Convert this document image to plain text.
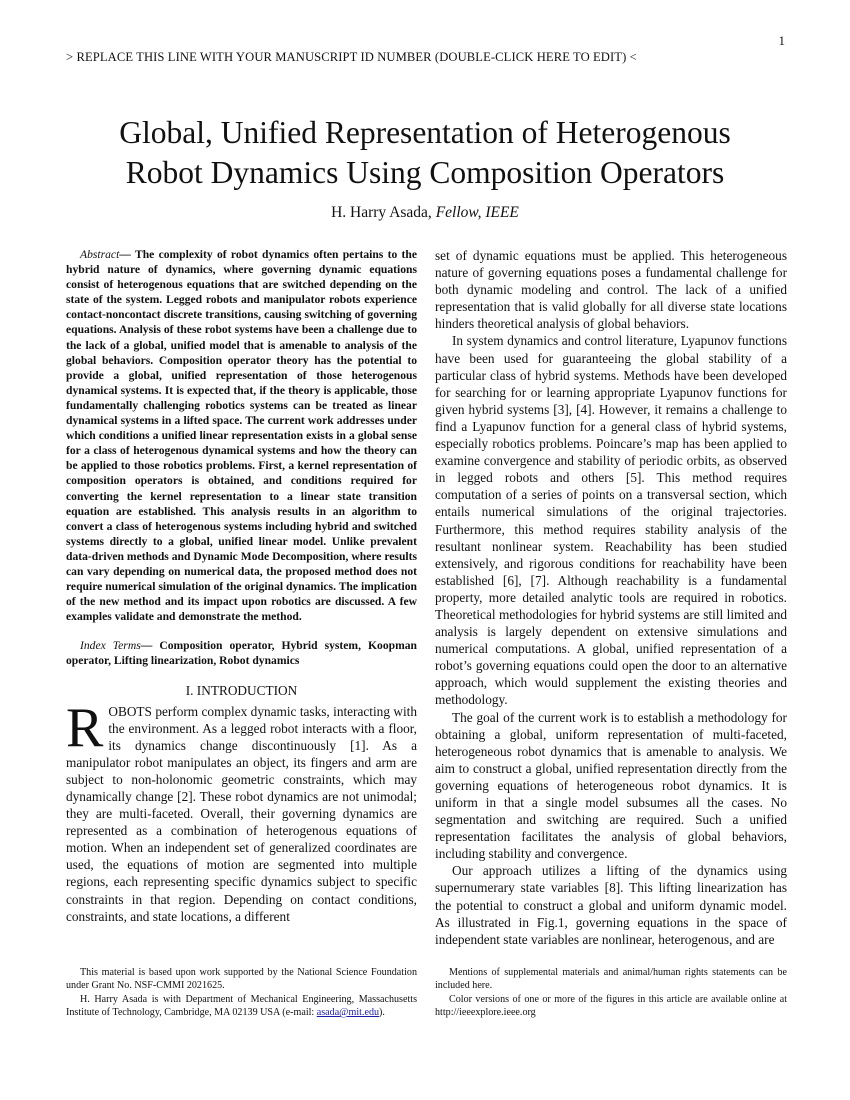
1
> REPLACE THIS LINE WITH YOUR MANUSCRIPT ID NUMBER (DOUBLE-CLICK HERE TO EDIT) <
Global, Unified Representation of Heterogenous
Robot Dynamics Using Composition Operators
H. Harry Asada, Fellow, IEEE

Abstract— The complexity of robot dynamics often pertains to the hybrid nature of dynamics, where governing dynamic equations consist of heterogenous equations that are switched depending on the state of the system. Legged robots and manipulator robots experience contact-noncontact discrete transitions, causing switching of governing equations. Analysis of these robot systems have been a challenge due to the lack of a global, unified model that is amenable to analysis of the global behaviors. Composition operator theory has the potential to provide a global, unified representation of those heterogenous dynamical systems. It is expected that, if the theory is applicable, those fundamentally challenging robotics systems can be treated as linear dynamical systems in a lifted space. The current work addresses under which conditions a unified linear representation exists in a global sense for a class of heterogenous dynamical systems and how the theory can be applied to those robotics problems. First, a kernel representation of composition operators is obtained, and conditions required for converting the kernel representation to a linear state transition equation are established. This analysis results in an algorithm to convert a class of heterogenous systems including hybrid and switched systems directly to a global, unified linear model. Unlike prevalent data-driven methods and Dynamic Mode Decomposition, where results can vary depending on numerical data, the proposed method does not require numerical simulation of the original dynamics. The implication of the new method and its impact upon robotics are discussed. A few examples validate and demonstrate the method.

Index Terms— Composition operator, Hybrid system, Koopman operator, Lifting linearization, Robot dynamics

I. INTRODUCTION

ROBOTS perform complex dynamic tasks, interacting with the environment. As a legged robot interacts with a floor, its dynamics change discontinuously [1]. As a manipulator robot manipulates an object, its fingers and arm are subject to non-holonomic geometric constraints, which may dynamically change [2]. These robot dynamics are not unimodal; they are multi-faceted. Overall, their governing dynamics are represented as a combination of heterogenous equations of motion. When an independent set of generalized coordinates are used, the equations of motion are segmented into multiple regions, each representing specific dynamics subject to specific constraints in that region. Depending on contact conditions, constraints, and state locations, a different

set of dynamic equations must be applied. This heterogeneous nature of governing equations poses a fundamental challenge for both dynamic modeling and control. The lack of a unified representation that is valid globally for all diverse state locations hinders theoretical analysis of global behaviors.

In system dynamics and control literature, Lyapunov functions have been used for guaranteeing the global stability of a particular class of hybrid systems. Methods have been developed for searching for or learning appropriate Lyapunov functions for given hybrid systems [3], [4]. However, it remains a challenge to find a Lyapunov function for a general class of hybrid systems, especially robotics problems. Poincare’s map has been applied to examine convergence and stability of periodic orbits, as observed in legged robots and others [5]. This method requires computation of a series of points on a transversal section, which entails numerical simulations of the original trajectories. Furthermore, this method requires stability analysis of the resultant nonlinear system. Reachability has been studied extensively, and rigorous conditions for reachability have been established [6], [7]. Although reachability is a fundamental property, more detailed analytic tools are required in robotics. Theoretical methodologies for hybrid systems are still limited and analysis is largely dependent on extensive simulations and numerical computations. A global, unified representation of a robot’s governing equations could open the door to an alternative approach, which would supplement the existing theories and methodology.

The goal of the current work is to establish a methodology for obtaining a global, uniform representation of multi-faceted, heterogeneous robot dynamics that is amenable to analysis. We aim to construct a global, unified representation directly from the governing equations of heterogeneous robot dynamics. It is uniform in that a single model subsumes all the cases. No segmentation and switching are required. Such a unified representation facilitates the analysis of global behaviors, including stability and convergence.

Our approach utilizes a lifting of the dynamics using supernumerary state variables [8]. This lifting linearization has the potential to construct a global and uniform dynamic model. As illustrated in Fig.1, governing equations in the space of independent state variables are nonlinear, heterogenous, and are

This material is based upon work supported by the National Science Foundation under Grant No. NSF-CMMI 2021625.

H. Harry Asada is with Department of Mechanical Engineering, Massachusetts Institute of Technology, Cambridge, MA 02139 USA (e-mail: asada@mit.edu).

Mentions of supplemental materials and animal/human rights statements can be included here.

Color versions of one or more of the figures in this article are available online at http://ieeexplore.ieee.org
